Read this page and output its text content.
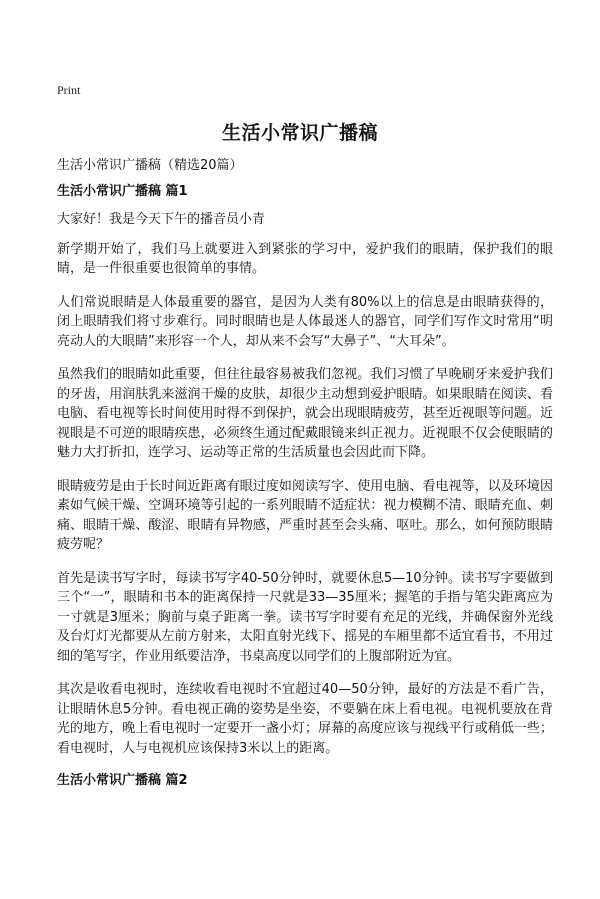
Print
生活小常识广播稿
生活小常识广播稿（精选20篇）
生活小常识广播稿 篇1

大家好！我是今天下午的播音员小青

新学期开始了，我们马上就要进入到紧张的学习中，爱护我们的眼睛，保护我们的眼睛，是一件很重要也很简单的事情。

人们常说眼睛是人体最重要的器官，是因为人类有80%以上的信息是由眼睛获得的，闭上眼睛我们将寸步难行。同时眼睛也是人体最迷人的器官，同学们写作文时常用“明亮动人的大眼睛”来形容一个人，却从来不会写“大鼻子”、“大耳朵”。

虽然我们的眼睛如此重要，但往往最容易被我们忽视。我们习惯了早晚刷牙来爱护我们的牙齿，用润肤乳来滋润干燥的皮肤，却很少主动想到爱护眼睛。如果眼睛在阅读、看电脑、看电视等长时间使用时得不到保护，就会出现眼睛疲劳，甚至近视眼等问题。近视眼是不可逆的眼睛疾患，必须终生通过配戴眼镜来纠正视力。近视眼不仅会使眼睛的魅力大打折扣，连学习、运动等正常的生活质量也会因此而下降。

眼睛疲劳是由于长时间近距离有眼过度如阅读写字、使用电脑、看电视等，以及环境因素如气候干燥、空调环境等引起的一系列眼睛不适症状：视力模糊不清、眼睛充血、刺痛、眼睛干燥、酸涩、眼睛有异物感，严重时甚至会头痛、呕吐。那么，如何预防眼睛疲劳呢？

首先是读书写字时，每读书写字40-50分钟时，就要休息5—10分钟。读书写字要做到三个“一”，眼睛和书本的距离保持一尺就是33—35厘米；握笔的手指与笔尖距离应为一寸就是3厘米；胸前与桌子距离一拳。读书写字时要有充足的光线，并确保窗外光线及台灯灯光都要从左前方射来，太阳直射光线下、摇晃的车厢里都不适宜看书，不用过细的笔写字，作业用纸要洁净，书桌高度以同学们的上腹部附近为宜。

其次是收看电视时，连续收看电视时不宜超过40—50分钟，最好的方法是不看广告，让眼睛休息5分钟。看电视正确的姿势是坐姿，不要躺在床上看电视。电视机要放在背光的地方，晚上看电视时一定要开一盏小灯；屏幕的高度应该与视线平行或稍低一些；看电视时，人与电视机应该保持3米以上的距离。

生活小常识广播稿 篇2
